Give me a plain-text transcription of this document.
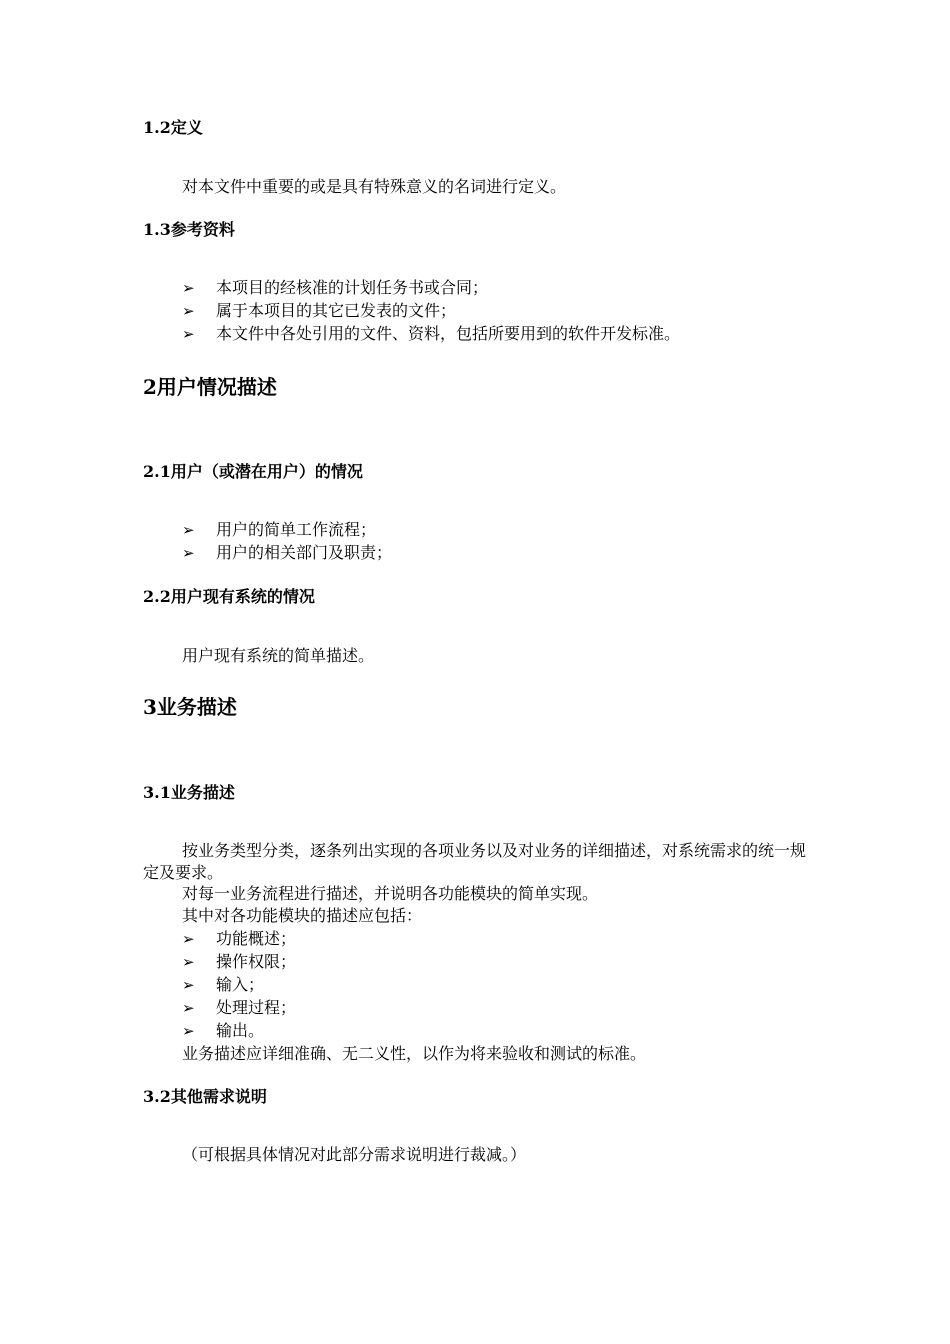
1.2定义
对本文件中重要的或是具有特殊意义的名词进行定义。
1.3参考资料
➢ 本项目的经核准的计划任务书或合同；
➢ 属于本项目的其它已发表的文件；
➢ 本文件中各处引用的文件、资料，包括所要用到的软件开发标准。
2用户情况描述
2.1用户（或潜在用户）的情况
➢ 用户的简单工作流程；
➢ 用户的相关部门及职责；
2.2用户现有系统的情况
用户现有系统的简单描述。
3业务描述
3.1业务描述
按业务类型分类，逐条列出实现的各项业务以及对业务的详细描述，对系统需求的统一规定及要求。
对每一业务流程进行描述，并说明各功能模块的简单实现。
其中对各功能模块的描述应包括：
➢ 功能概述；
➢ 操作权限；
➢ 输入；
➢ 处理过程；
➢ 输出。
业务描述应详细准确、无二义性，以作为将来验收和测试的标准。
3.2其他需求说明
（可根据具体情况对此部分需求说明进行裁减。）
